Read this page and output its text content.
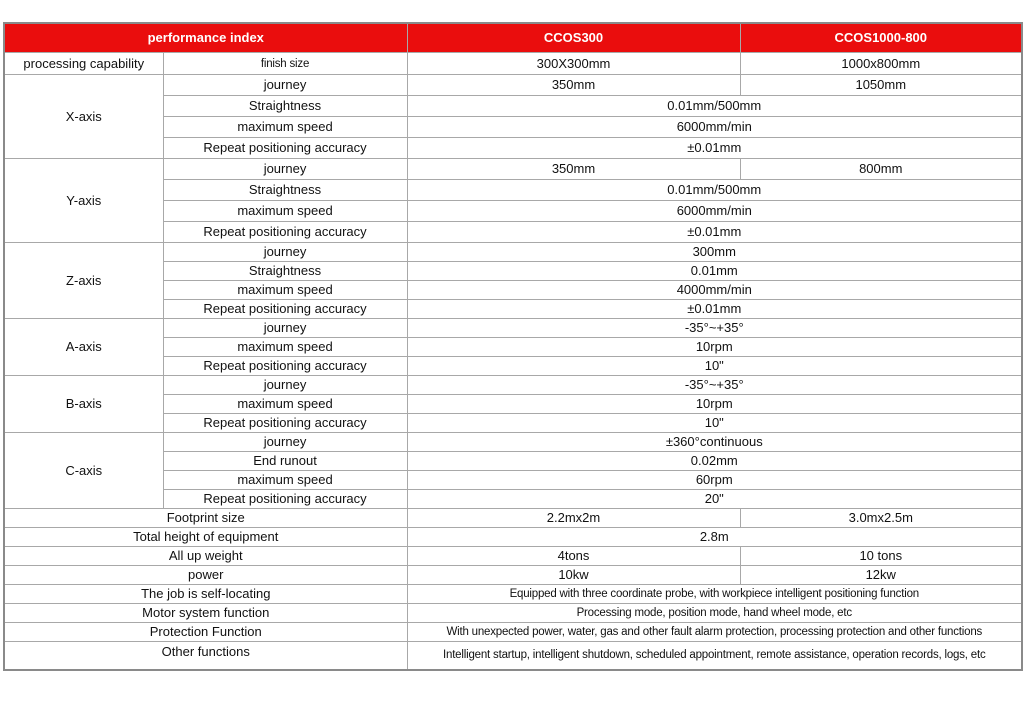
performance index		CCOS300	CCOS1000-800
processing capability	finish size	300X300mm	1000x800mm
X-axis	journey	350mm	1050mm
	Straightness	0.01mm/500mm	
	maximum speed	6000mm/min	
	Repeat positioning accuracy	±0.01mm	
Y-axis	journey	350mm	800mm
	Straightness	0.01mm/500mm	
	maximum speed	6000mm/min	
	Repeat positioning accuracy	±0.01mm	
Z-axis	journey	300mm	
	Straightness	0.01mm	
	maximum speed	4000mm/min	
	Repeat positioning accuracy	±0.01mm	
A-axis	journey	-35°~+35°	
	maximum speed	10rpm	
	Repeat positioning accuracy	10"	
B-axis	journey	-35°~+35°	
	maximum speed	10rpm	
	Repeat positioning accuracy	10"	
C-axis	journey	±360°continuous	
	End runout	0.02mm	
	maximum speed	60rpm	
	Repeat positioning accuracy	20"	
Footprint size		2.2mx2m	3.0mx2.5m
Total height of equipment		2.8m	
All up weight		4tons	10 tons
power		10kw	12kw
The job is self-locating		Equipped with three coordinate probe, with workpiece intelligent positioning function	
Motor system function		Processing mode, position mode, hand wheel mode, etc	
Protection Function		With unexpected power, water, gas and other fault alarm protection, processing protection and other functions	
Other functions		Intelligent startup, intelligent shutdown, scheduled appointment, remote assistance, operation records, logs, etc	
